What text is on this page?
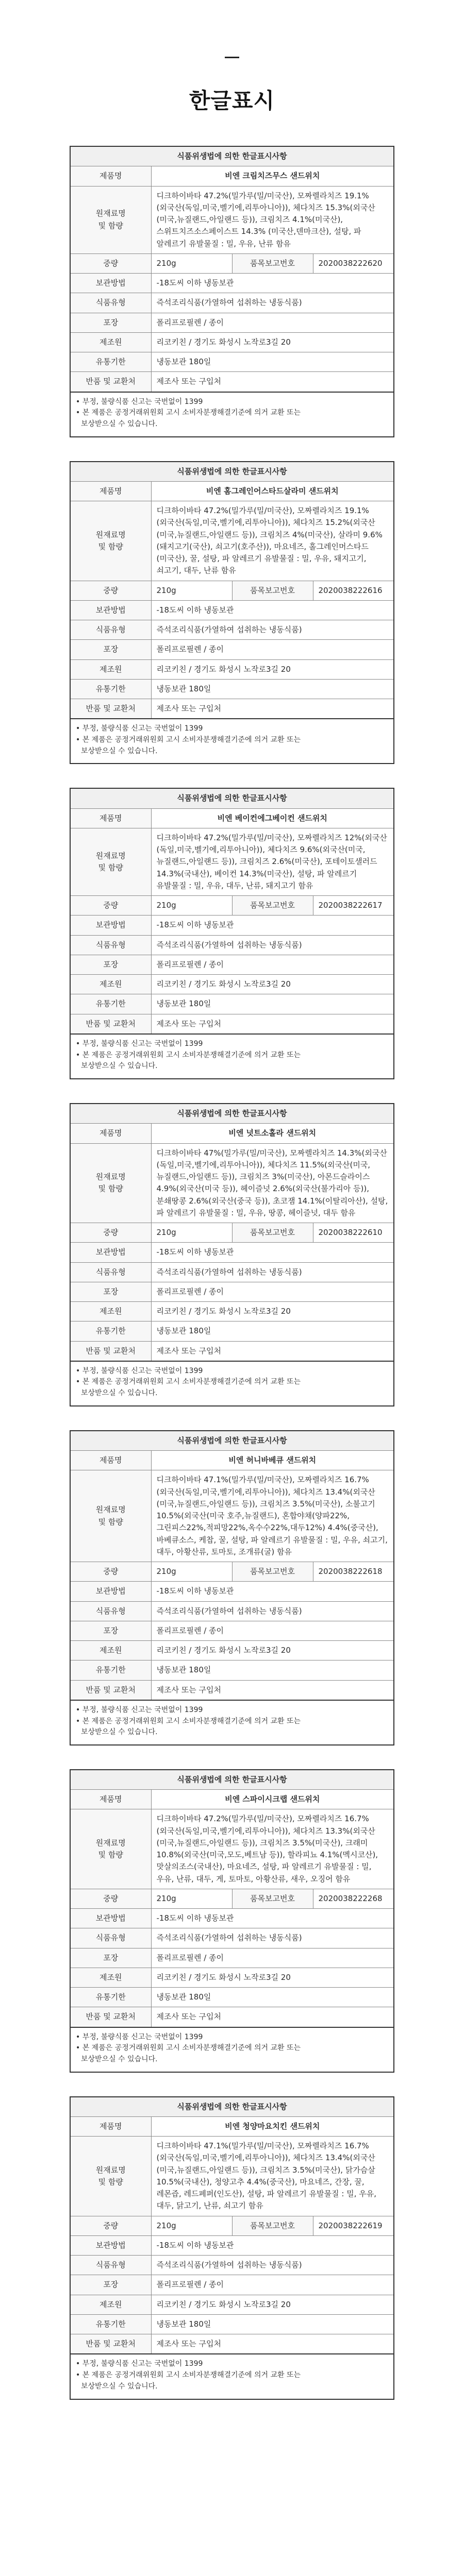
한글표시
식품위생법에 의한 한글표시사항			
제품명	비엔 크림치즈무스 샌드위치		
원재료명
및 함량	디크하이바타 47.2%(밀가루(밀/미국산), 모짜렐라치즈 19.1%(외국산(독일,미국,벨기에,리투아니아)), 체다치즈 15.3%(외국산(미국,뉴질랜드,아일랜드 등)), 크림치즈 4.1%(미국산), 스위트치즈소스페이스트 14.3% (미국산,덴마크산), 설탕, 파 알레르기 유발물질 : 밀, 우유, 난류 함유		
중량	210g	품목보고번호	2020038222620
보관방법	-18도씨 이하 냉동보관		
식품유형	즉석조리식품(가열하여 섭취하는 냉동식품)		
포장	폴리프로필렌 / 종이		
제조원	리코키친 / 경기도 화성시 노작로3길 20		
유통기한	냉동보관 180일		
반품 및 교환처	제조사 또는 구입처		

• 부정, 불량식품 신고는 국번없이 1399

• 본 제품은 공정거래위원회 고시 소비자분쟁해결기준에 의거 교환 또는

보상받으실 수 있습니다.

식품위생법에 의한 한글표시사항			
제품명	비엔 홈그레인어스타드살라미 샌드위치		
원재료명
및 함량	디크하이바타 47.2%(밀가루(밀/미국산), 모짜렐라치즈 19.1%(외국산(독일,미국,벨기에,리투아니아)), 체다치즈 15.2%(외국산(미국,뉴질랜드,아일랜드 등)), 크림치즈 4%(미국산), 살라미 9.6%(돼지고기(국산), 쇠고기(호주산)), 마요네즈, 홀그레인머스타드(미국산), 꿀, 설탕, 파 알레르기 유발물질 : 밀, 우유, 돼지고기, 쇠고기, 대두, 난류 함유		
중량	210g	품목보고번호	2020038222616
보관방법	-18도씨 이하 냉동보관		
식품유형	즉석조리식품(가열하여 섭취하는 냉동식품)		
포장	폴리프로필렌 / 종이		
제조원	리코키친 / 경기도 화성시 노작로3길 20		
유통기한	냉동보관 180일		
반품 및 교환처	제조사 또는 구입처		

• 부정, 불량식품 신고는 국번없이 1399

• 본 제품은 공정거래위원회 고시 소비자분쟁해결기준에 의거 교환 또는

보상받으실 수 있습니다.

식품위생법에 의한 한글표시사항			
제품명	비엔 베이컨에그베이컨 샌드위치		
원재료명
및 함량	디크하이바타 47.2%(밀가루(밀/미국산), 모짜렐라치즈 12%(외국산(독일,미국,벨기에,리투아니아)), 체다치즈 9.6%(외국산(미국,뉴질랜드,아일랜드 등)), 크림치즈 2.6%(미국산), 포테이토샐러드 14.3%(국내산), 베이컨 14.3%(미국산), 설탕, 파 알레르기 유발물질 : 밀, 우유, 대두, 난류, 돼지고기 함유		
중량	210g	품목보고번호	2020038222617
보관방법	-18도씨 이하 냉동보관		
식품유형	즉석조리식품(가열하여 섭취하는 냉동식품)		
포장	폴리프로필렌 / 종이		
제조원	리코키친 / 경기도 화성시 노작로3길 20		
유통기한	냉동보관 180일		
반품 및 교환처	제조사 또는 구입처		

• 부정, 불량식품 신고는 국번없이 1399

• 본 제품은 공정거래위원회 고시 소비자분쟁해결기준에 의거 교환 또는

보상받으실 수 있습니다.

식품위생법에 의한 한글표시사항			
제품명	비엔 넛트소홀라 샌드위치		
원재료명
및 함량	디크하이바타 47%(밀가루(밀/미국산), 모짜렐라치즈 14.3%(외국산(독일,미국,벨기에,리투아니아)), 체다치즈 11.5%(외국산(미국,뉴질랜드,아일랜드 등)), 크림치즈 3%(미국산), 아몬드슬라이스 4.9%(외국산(미국 등)), 헤이즐넛 2.6%(외국산(불가리아 등)), 분쇄땅콩 2.6%(외국산(중국 등)), 초코잼 14.1%(이탈리아산), 설탕, 파 알레르기 유발물질 : 밀, 우유, 땅콩, 헤이즐넛, 대두 함유		
중량	210g	품목보고번호	2020038222610
보관방법	-18도씨 이하 냉동보관		
식품유형	즉석조리식품(가열하여 섭취하는 냉동식품)		
포장	폴리프로필렌 / 종이		
제조원	리코키친 / 경기도 화성시 노작로3길 20		
유통기한	냉동보관 180일		
반품 및 교환처	제조사 또는 구입처		

• 부정, 불량식품 신고는 국번없이 1399

• 본 제품은 공정거래위원회 고시 소비자분쟁해결기준에 의거 교환 또는

보상받으실 수 있습니다.

식품위생법에 의한 한글표시사항			
제품명	비엔 허니바베큐 샌드위치		
원재료명
및 함량	디크하이바타 47.1%(밀가루(밀/미국산), 모짜렐라치즈 16.7%(외국산(독일,미국,벨기에,리투아니아)), 체다치즈 13.4%(외국산(미국,뉴질랜드,아일랜드 등)), 크림치즈 3.5%(미국산), 소불고기 10.5%(외국산(미국 호주,뉴질랜드), 혼합야채(양파22%,그린피스22%,적피망22%,옥수수22%,대두12%) 4.4%(중국산), 바베큐소스, 케찹, 꿀, 설탕, 파 알레르기 유발물질 : 밀, 우유, 쇠고기, 대두, 아황산류, 토마토, 조개류(굴) 함유		
중량	210g	품목보고번호	2020038222618
보관방법	-18도씨 이하 냉동보관		
식품유형	즉석조리식품(가열하여 섭취하는 냉동식품)		
포장	폴리프로필렌 / 종이		
제조원	리코키친 / 경기도 화성시 노작로3길 20		
유통기한	냉동보관 180일		
반품 및 교환처	제조사 또는 구입처		

• 부정, 불량식품 신고는 국번없이 1399

• 본 제품은 공정거래위원회 고시 소비자분쟁해결기준에 의거 교환 또는

보상받으실 수 있습니다.

식품위생법에 의한 한글표시사항			
제품명	비엔 스파이시크랩 샌드위치		
원재료명
및 함량	디크하이바타 47.2%(밀가루(밀/미국산), 모짜렐라치즈 16.7%(외국산(독일,미국,벨기에,리투아니아)), 체다치즈 13.3%(외국산(미국,뉴질랜드,아일랜드 등)), 크림치즈 3.5%(미국산), 크래미 10.8%(외국산(미국,모도,베트남 등)), 할라피뇨 4.1%(멕시코산), 맛살의조스(국내산), 마요네즈, 설탕, 파 알레르기 유발물질 : 밀, 우유, 난류, 대두, 게, 토마토, 아황산류, 새우, 오징어 함유		
중량	210g	품목보고번호	2020038222268
보관방법	-18도씨 이하 냉동보관		
식품유형	즉석조리식품(가열하여 섭취하는 냉동식품)		
포장	폴리프로필렌 / 종이		
제조원	리코키친 / 경기도 화성시 노작로3길 20		
유통기한	냉동보관 180일		
반품 및 교환처	제조사 또는 구입처		

• 부정, 불량식품 신고는 국번없이 1399

• 본 제품은 공정거래위원회 고시 소비자분쟁해결기준에 의거 교환 또는

보상받으실 수 있습니다.

식품위생법에 의한 한글표시사항			
제품명	비엔 청양마요치킨 샌드위치		
원재료명
및 함량	디크하이바타 47.1%(밀가루(밀/미국산), 모짜렐라치즈 16.7%(외국산(독일,미국,벨기에,리투아니아)), 체다치즈 13.4%(외국산(미국,뉴질랜드,아일랜드 등)), 크림치즈 3.5%(미국산), 닭가슴살 10.5%(국내산), 청양고추 4.4%(중국산), 마요네즈, 간장, 꿀, 레몬즙, 레드페퍼(인도산), 설탕, 파 알레르기 유발물질 : 밀, 우유, 대두, 닭고기, 난류, 쇠고기 함유		
중량	210g	품목보고번호	2020038222619
보관방법	-18도씨 이하 냉동보관		
식품유형	즉석조리식품(가열하여 섭취하는 냉동식품)		
포장	폴리프로필렌 / 종이		
제조원	리코키친 / 경기도 화성시 노작로3길 20		
유통기한	냉동보관 180일		
반품 및 교환처	제조사 또는 구입처		

• 부정, 불량식품 신고는 국번없이 1399

• 본 제품은 공정거래위원회 고시 소비자분쟁해결기준에 의거 교환 또는

보상받으실 수 있습니다.
